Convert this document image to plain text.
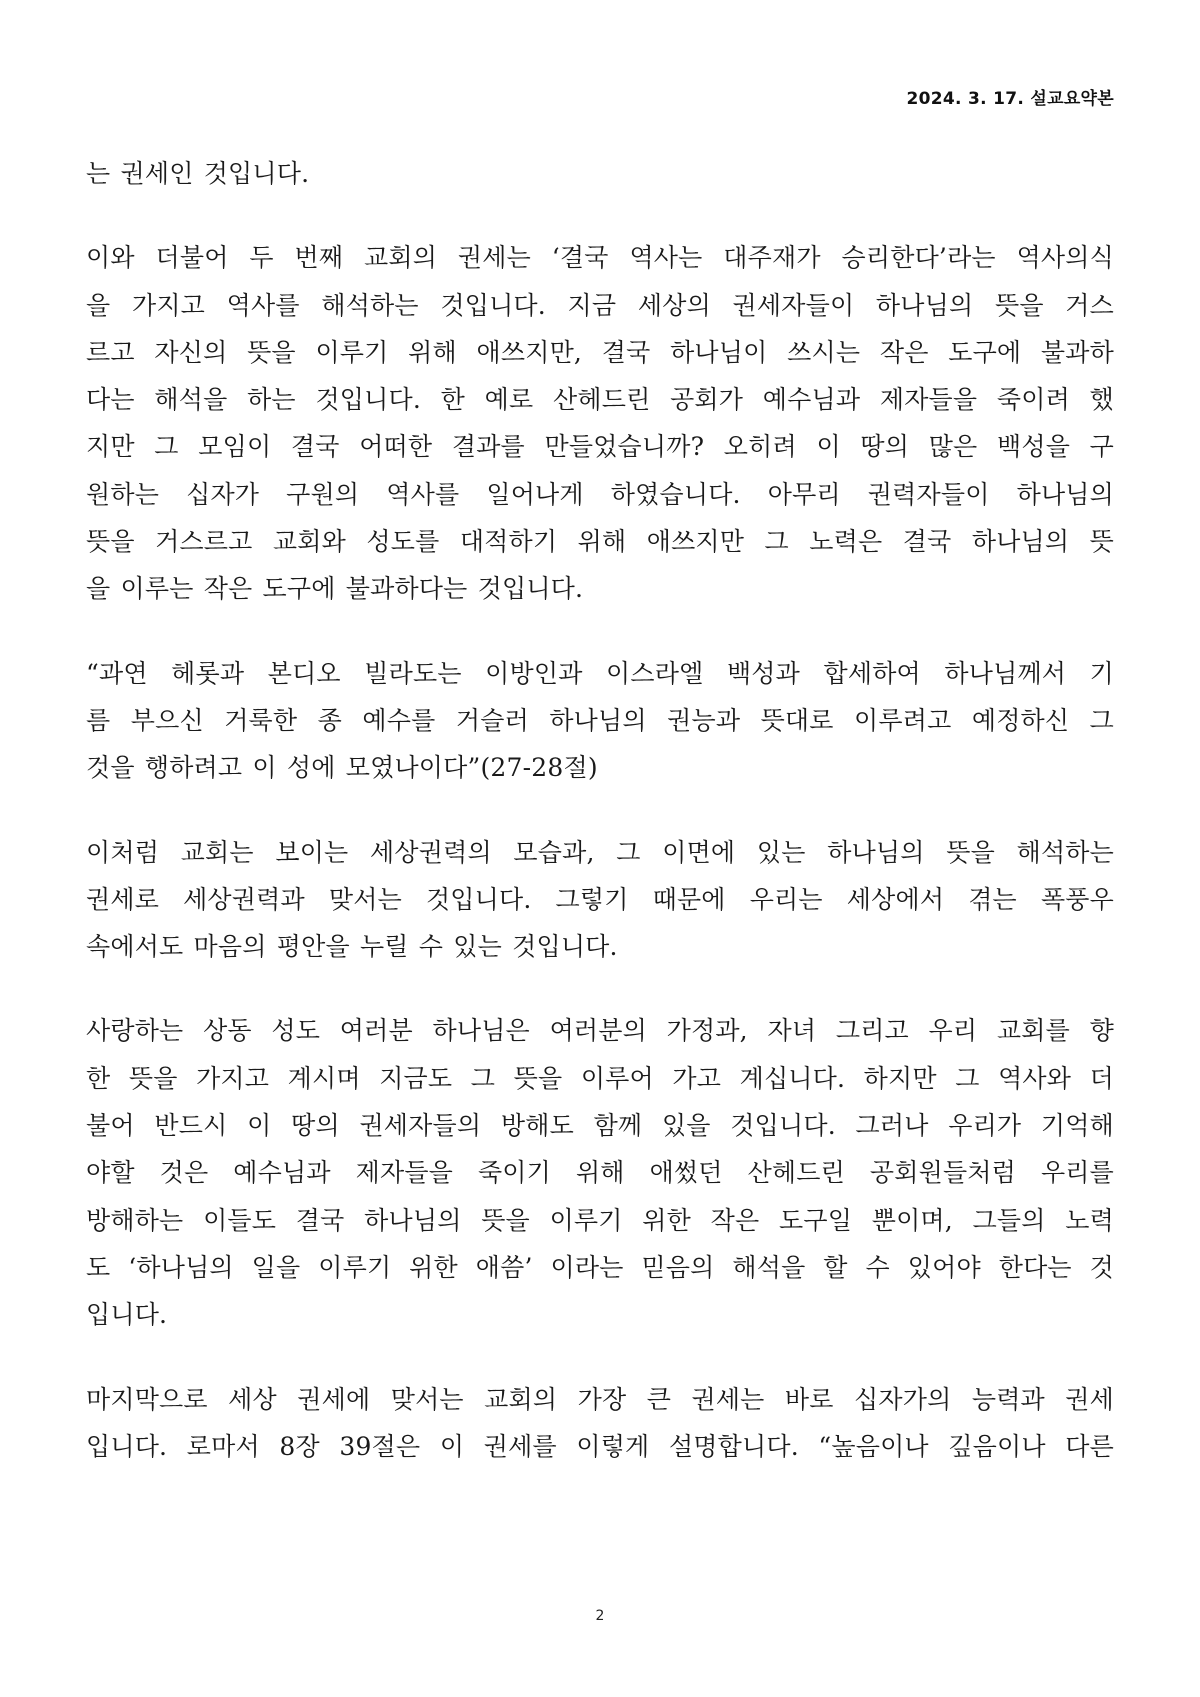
2024. 3. 17. 설교요약본
는 권세인 것입니다.
이와 더불어 두 번째 교회의 권세는 ‘결국 역사는 대주재가 승리한다’라는 역사의식
을 가지고 역사를 해석하는 것입니다. 지금 세상의 권세자들이 하나님의 뜻을 거스
르고 자신의 뜻을 이루기 위해 애쓰지만, 결국 하나님이 쓰시는 작은 도구에 불과하
다는 해석을 하는 것입니다. 한 예로 산헤드린 공회가 예수님과 제자들을 죽이려 했
지만 그 모임이 결국 어떠한 결과를 만들었습니까? 오히려 이 땅의 많은 백성을 구
원하는 십자가 구원의 역사를 일어나게 하였습니다. 아무리 권력자들이 하나님의
뜻을 거스르고 교회와 성도를 대적하기 위해 애쓰지만 그 노력은 결국 하나님의 뜻
을 이루는 작은 도구에 불과하다는 것입니다.
“과연 헤롯과 본디오 빌라도는 이방인과 이스라엘 백성과 합세하여 하나님께서 기
름 부으신 거룩한 종 예수를 거슬러 하나님의 권능과 뜻대로 이루려고 예정하신 그
것을 행하려고 이 성에 모였나이다”(27-28절)
이처럼 교회는 보이는 세상권력의 모습과, 그 이면에 있는 하나님의 뜻을 해석하는
권세로 세상권력과 맞서는 것입니다. 그렇기 때문에 우리는 세상에서 겪는 폭풍우
속에서도 마음의 평안을 누릴 수 있는 것입니다.
사랑하는 상동 성도 여러분 하나님은 여러분의 가정과, 자녀 그리고 우리 교회를 향
한 뜻을 가지고 계시며 지금도 그 뜻을 이루어 가고 계십니다. 하지만 그 역사와 더
불어 반드시 이 땅의 권세자들의 방해도 함께 있을 것입니다. 그러나 우리가 기억해
야할 것은 예수님과 제자들을 죽이기 위해 애썼던 산헤드린 공회원들처럼 우리를
방해하는 이들도 결국 하나님의 뜻을 이루기 위한 작은 도구일 뿐이며, 그들의 노력
도 ‘하나님의 일을 이루기 위한 애씀’ 이라는 믿음의 해석을 할 수 있어야 한다는 것
입니다.
마지막으로 세상 권세에 맞서는 교회의 가장 큰 권세는 바로 십자가의 능력과 권세
입니다. 로마서 8장 39절은 이 권세를 이렇게 설명합니다. “높음이나 깊음이나 다른
2
